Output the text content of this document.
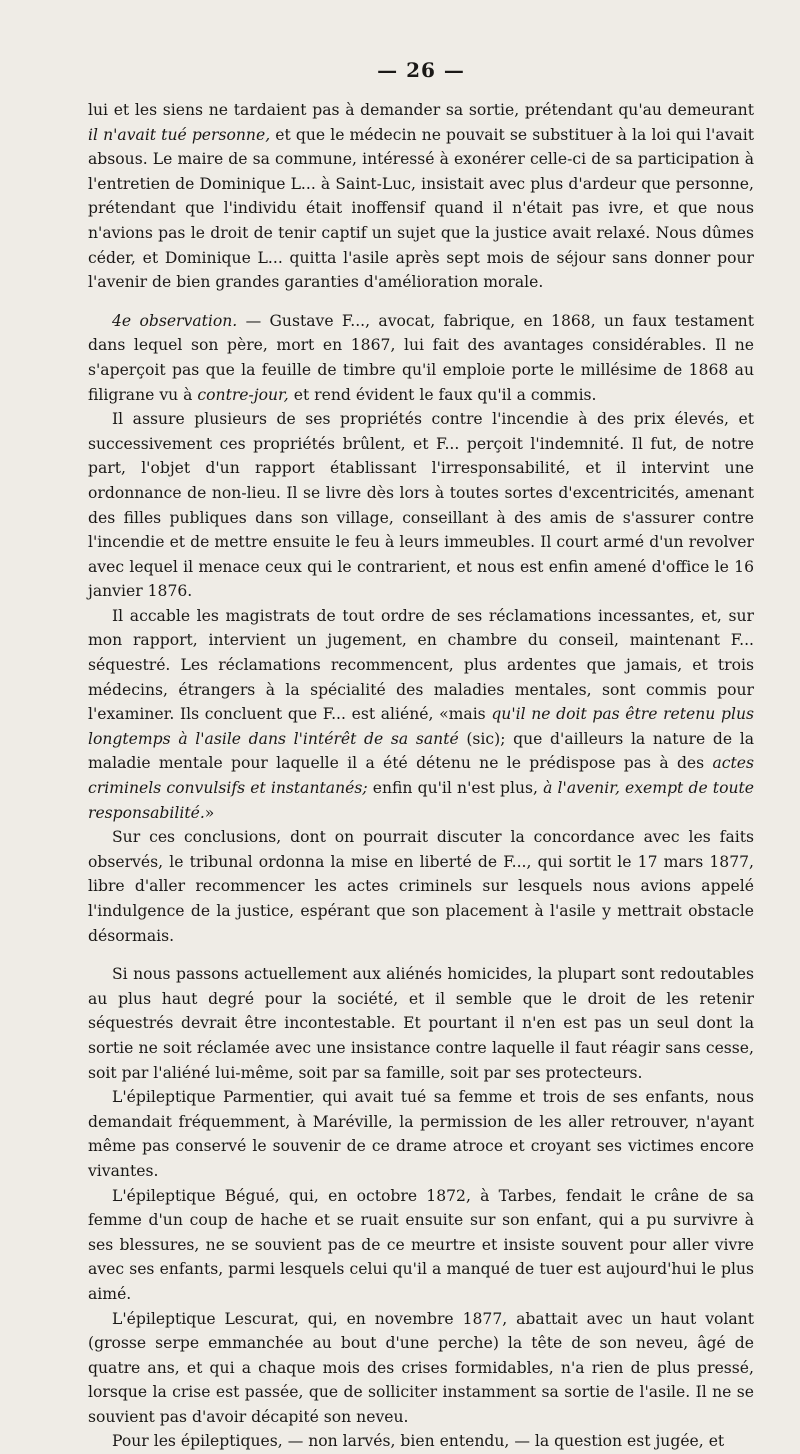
— 26 —

lui et les siens ne tardaient pas à demander sa sortie, prétendant qu'au demeurant il n'avait tué personne, et que le médecin ne pouvait se substituer à la loi qui l'avait absous. Le maire de sa commune, intéressé à exonérer celle-ci de sa participation à l'entretien de Dominique L... à Saint-Luc, insistait avec plus d'ardeur que personne, prétendant que l'individu était inoffensif quand il n'était pas ivre, et que nous n'avions pas le droit de tenir captif un sujet que la justice avait relaxé. Nous dûmes céder, et Dominique L... quitta l'asile après sept mois de séjour sans donner pour l'avenir de bien grandes garanties d'amélioration morale.

4e observation. — Gustave F..., avocat, fabrique, en 1868, un faux testament dans lequel son père, mort en 1867, lui fait des avantages considérables. Il ne s'aperçoit pas que la feuille de timbre qu'il emploie porte le millésime de 1868 au filigrane vu à contre-jour, et rend évident le faux qu'il a commis.

Il assure plusieurs de ses propriétés contre l'incendie à des prix élevés, et successivement ces propriétés brûlent, et F... perçoit l'indemnité. Il fut, de notre part, l'objet d'un rapport établissant l'irresponsabilité, et il intervint une ordonnance de non-lieu. Il se livre dès lors à toutes sortes d'excentricités, amenant des filles publiques dans son village, conseillant à des amis de s'assurer contre l'incendie et de mettre ensuite le feu à leurs immeubles. Il court armé d'un revolver avec lequel il menace ceux qui le contrarient, et nous est enfin amené d'office le 16 janvier 1876.

Il accable les magistrats de tout ordre de ses réclamations incessantes, et, sur mon rapport, intervient un jugement, en chambre du conseil, maintenant F... séquestré. Les réclamations recommencent, plus ardentes que jamais, et trois médecins, étrangers à la spécialité des maladies mentales, sont commis pour l'examiner. Ils concluent que F... est aliéné, «mais qu'il ne doit pas être retenu plus longtemps à l'asile dans l'intérêt de sa santé (sic); que d'ailleurs la nature de la maladie mentale pour laquelle il a été détenu ne le prédispose pas à des actes criminels convulsifs et instantanés; enfin qu'il n'est plus, à l'avenir, exempt de toute responsabilité.»

Sur ces conclusions, dont on pourrait discuter la concordance avec les faits observés, le tribunal ordonna la mise en liberté de F..., qui sortit le 17 mars 1877, libre d'aller recommencer les actes criminels sur lesquels nous avions appelé l'indulgence de la justice, espérant que son placement à l'asile y mettrait obstacle désormais.

Si nous passons actuellement aux aliénés homicides, la plupart sont redoutables au plus haut degré pour la société, et il semble que le droit de les retenir séquestrés devrait être incontestable. Et pourtant il n'en est pas un seul dont la sortie ne soit réclamée avec une insistance contre laquelle il faut réagir sans cesse, soit par l'aliéné lui-même, soit par sa famille, soit par ses protecteurs.

L'épileptique Parmentier, qui avait tué sa femme et trois de ses enfants, nous demandait fréquemment, à Maréville, la permission de les aller retrouver, n'ayant même pas conservé le souvenir de ce drame atroce et croyant ses victimes encore vivantes.

L'épileptique Bégué, qui, en octobre 1872, à Tarbes, fendait le crâne de sa femme d'un coup de hache et se ruait ensuite sur son enfant, qui a pu survivre à ses blessures, ne se souvient pas de ce meurtre et insiste souvent pour aller vivre avec ses enfants, parmi lesquels celui qu'il a manqué de tuer est aujourd'hui le plus aimé.

L'épileptique Lescurat, qui, en novembre 1877, abattait avec un haut volant (grosse serpe emmanchée au bout d'une perche) la tête de son neveu, âgé de quatre ans, et qui a chaque mois des crises formidables, n'a rien de plus pressé, lorsque la crise est passée, que de solliciter instamment sa sortie de l'asile. Il ne se souvient pas d'avoir décapité son neveu.

Pour les épileptiques, — non larvés, bien entendu, — la question est jugée, et
